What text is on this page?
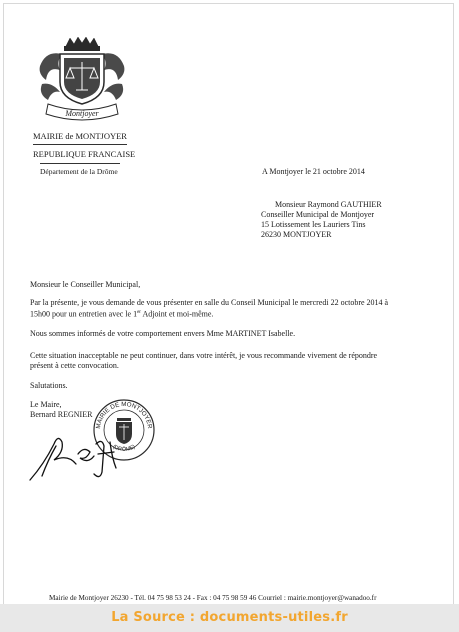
Montjoyer
MAIRIE de MONTJOYER
REPUBLIQUE FRANCAISE
Département de la Drôme	A Montjoyer le 21 octobre 2014
Monsieur Raymond GAUTHIER
Conseiller Municipal de Montjoyer
15 Lotissement les Lauriers Tins
26230 MONTJOYER
Monsieur le Conseiller Municipal,
Par la présente, je vous demande de vous présenter en salle du Conseil Municipal le mercredi 22 octobre 2014 à
15h00 pour un entretien avec le 1er Adjoint et moi-même.
Nous sommes informés de votre comportement envers Mme MARTINET Isabelle.
Cette situation inacceptable ne peut continuer, dans votre intérêt, je vous recommande vivement de répondre
présent à cette convocation.
Salutations.
Le Maire,
Bernard REGNIER
MAIRIE DE MONTJOYER
(DRÔME)
Mairie de Montjoyer 26230 - Tél. 04 75 98 53 24 - Fax : 04 75 98 59 46 Courriel : mairie.montjoyer@wanadoo.fr
La Source : documents-utiles.fr
